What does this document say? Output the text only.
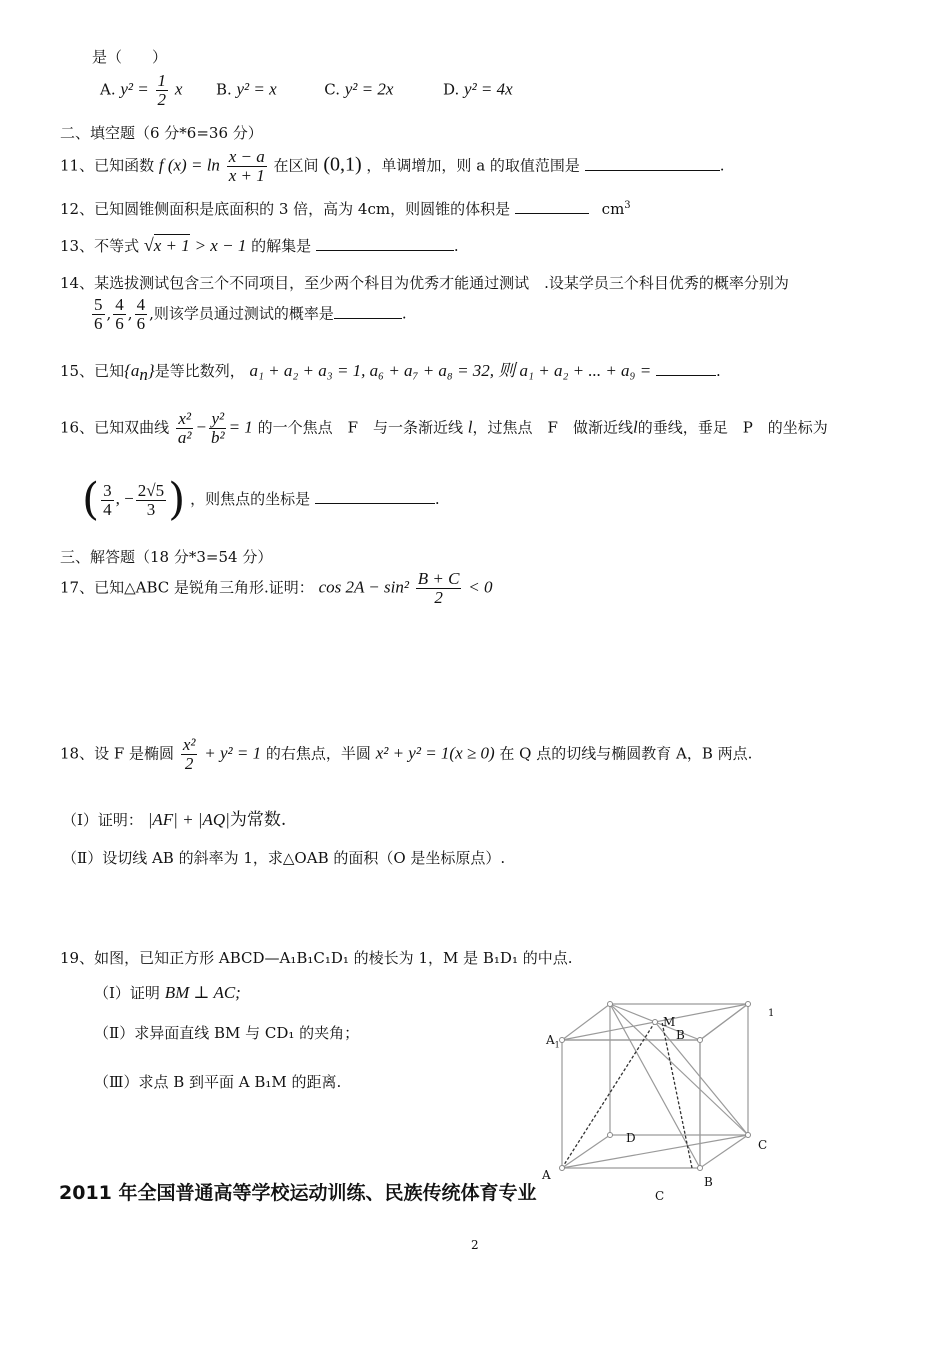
是（　　）
A. $y^2 = \frac{1}{2}$ x B. y² = x	C. y² = 2x	D. y² = 4x
二、填空题（6 分*6=36 分）
11、已知函数 f $(x) = \ln \frac{x - a}{x + 1}$ 在区间 (0,1) ，单调增加，则 a 的取值范围是	.
12、已知圆锥侧面积是底面积的 3 倍，高为 4cm，则圆锥的体积是	$cm^3$
13、不等式 √x + 1 > x − 1 的解集是	.
14、某选拔测试包含三个不同项目，至少两个科目为优秀才能通过测试　.设某学员三个科目优秀的概率分别为
$\frac{5}{6}$ , $\frac{4}{6}$ , $\frac{4}{6}$ ,则该学员通过测试的概率是	.
15、已知$\{a_n\}$是等比数列， a₁ + a₂ + a₃ = 1, a₆ + a₇ + a₈ = 32, 则 a₁ + a₂ + ... + a₉ =	.
16、已知双曲线 $\frac{\text{x²}}{\text{a²}} - \frac{\text{y²}}{\text{b²}} = 1$ 的一个焦点　F　与一条渐近线 l，过焦点　F　做渐近线l的垂线，垂足　P　的坐标为
( $\frac{3}{4}$ , − $\frac{2√5}{3}$ ) ，则焦点的坐标是	.
三、解答题（18 分*3=54 分）
17、已知△ABC 是锐角三角形.证明： $\cos 2A - \sin^2 \frac{B + C}{2} < 0$
18、设 F 是椭圆 $\frac{\text{x²}}{2} + y^2 = 1$ 的右焦点，半圆 x² + y² = 1(x ≥ 0) 在 Q 点的切线与椭圆教育 A，B 两点.
（Ⅰ）证明： |AF| + |AQ|为常数.
（Ⅱ）设切线 AB 的斜率为 1，求△OAB 的面积（O 是坐标原点）.
19、如图，已知正方形 ABCD—A₁B₁C₁D₁ 的棱长为 1，M 是 B₁D₁ 的中点.
（Ⅰ）证明 BM ⊥ AC;
（Ⅱ）求异面直线 BM 与 CD₁ 的夹角；
（Ⅲ）求点 B 到平面 A B₁M 的距离.
1
M
B
$A_1$
D	C
A	B
C
2011 年全国普通高等学校运动训练、民族传统体育专业
2
